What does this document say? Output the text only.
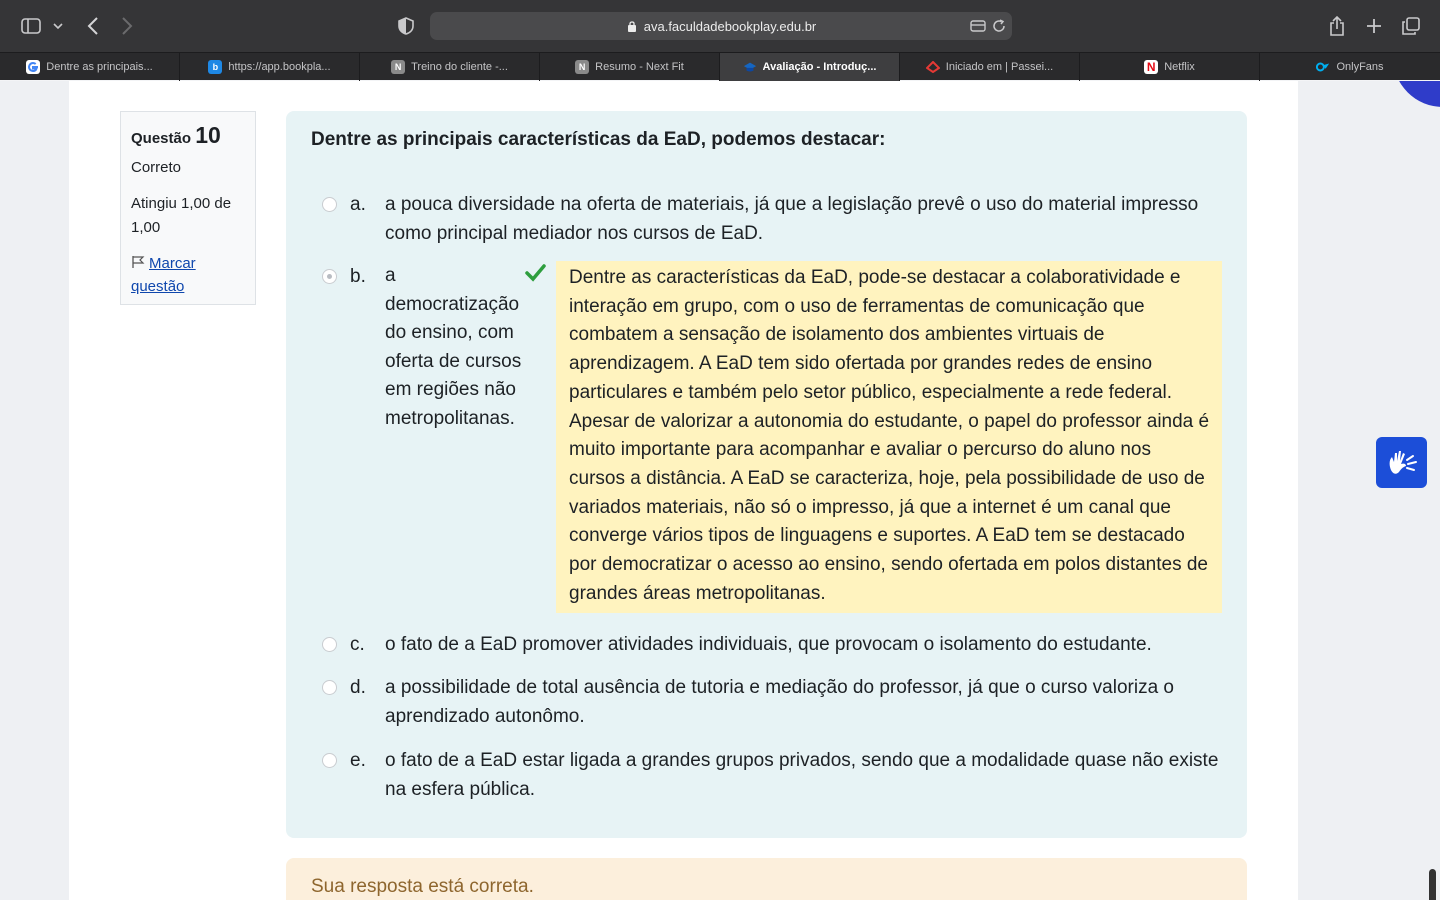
ava.faculdadebookplay.edu.br
Dentre as principais...	b https://app.bookpla...	N Treino do cliente -...	N Resumo - Next Fit	Avaliação - Introduç...	Iniciado em | Passei...	N Netflix	OnlyFans
Questão 10
Correto
Atingiu 1,00 de 1,00
Marcar questão
Dentre as principais características da EaD, podemos destacar:
a. a pouca diversidade na oferta de materiais, já que a legislação prevê o uso do material impresso como principal mediador nos cursos de EaD.
b. a democratização do ensino, com oferta de cursos em regiões não metropolitanas.
Dentre as características da EaD, pode-se destacar a colaboratividade e interação em grupo, com o uso de ferramentas de comunicação que combatem a sensação de isolamento dos ambientes virtuais de aprendizagem. A EaD tem sido ofertada por grandes redes de ensino particulares e também pelo setor público, especialmente a rede federal. Apesar de valorizar a autonomia do estudante, o papel do professor ainda é muito importante para acompanhar e avaliar o percurso do aluno nos cursos a distância. A EaD se caracteriza, hoje, pela possibilidade de uso de variados materiais, não só o impresso, já que a internet é um canal que converge vários tipos de linguagens e suportes. A EaD tem se destacado por democratizar o acesso ao ensino, sendo ofertada em polos distantes de grandes áreas metropolitanas.
c. o fato de a EaD promover atividades individuais, que provocam o isolamento do estudante.
d. a possibilidade de total ausência de tutoria e mediação do professor, já que o curso valoriza o aprendizado autonômo.
e. o fato de a EaD estar ligada a grandes grupos privados, sendo que a modalidade quase não existe na esfera pública.
Sua resposta está correta.
